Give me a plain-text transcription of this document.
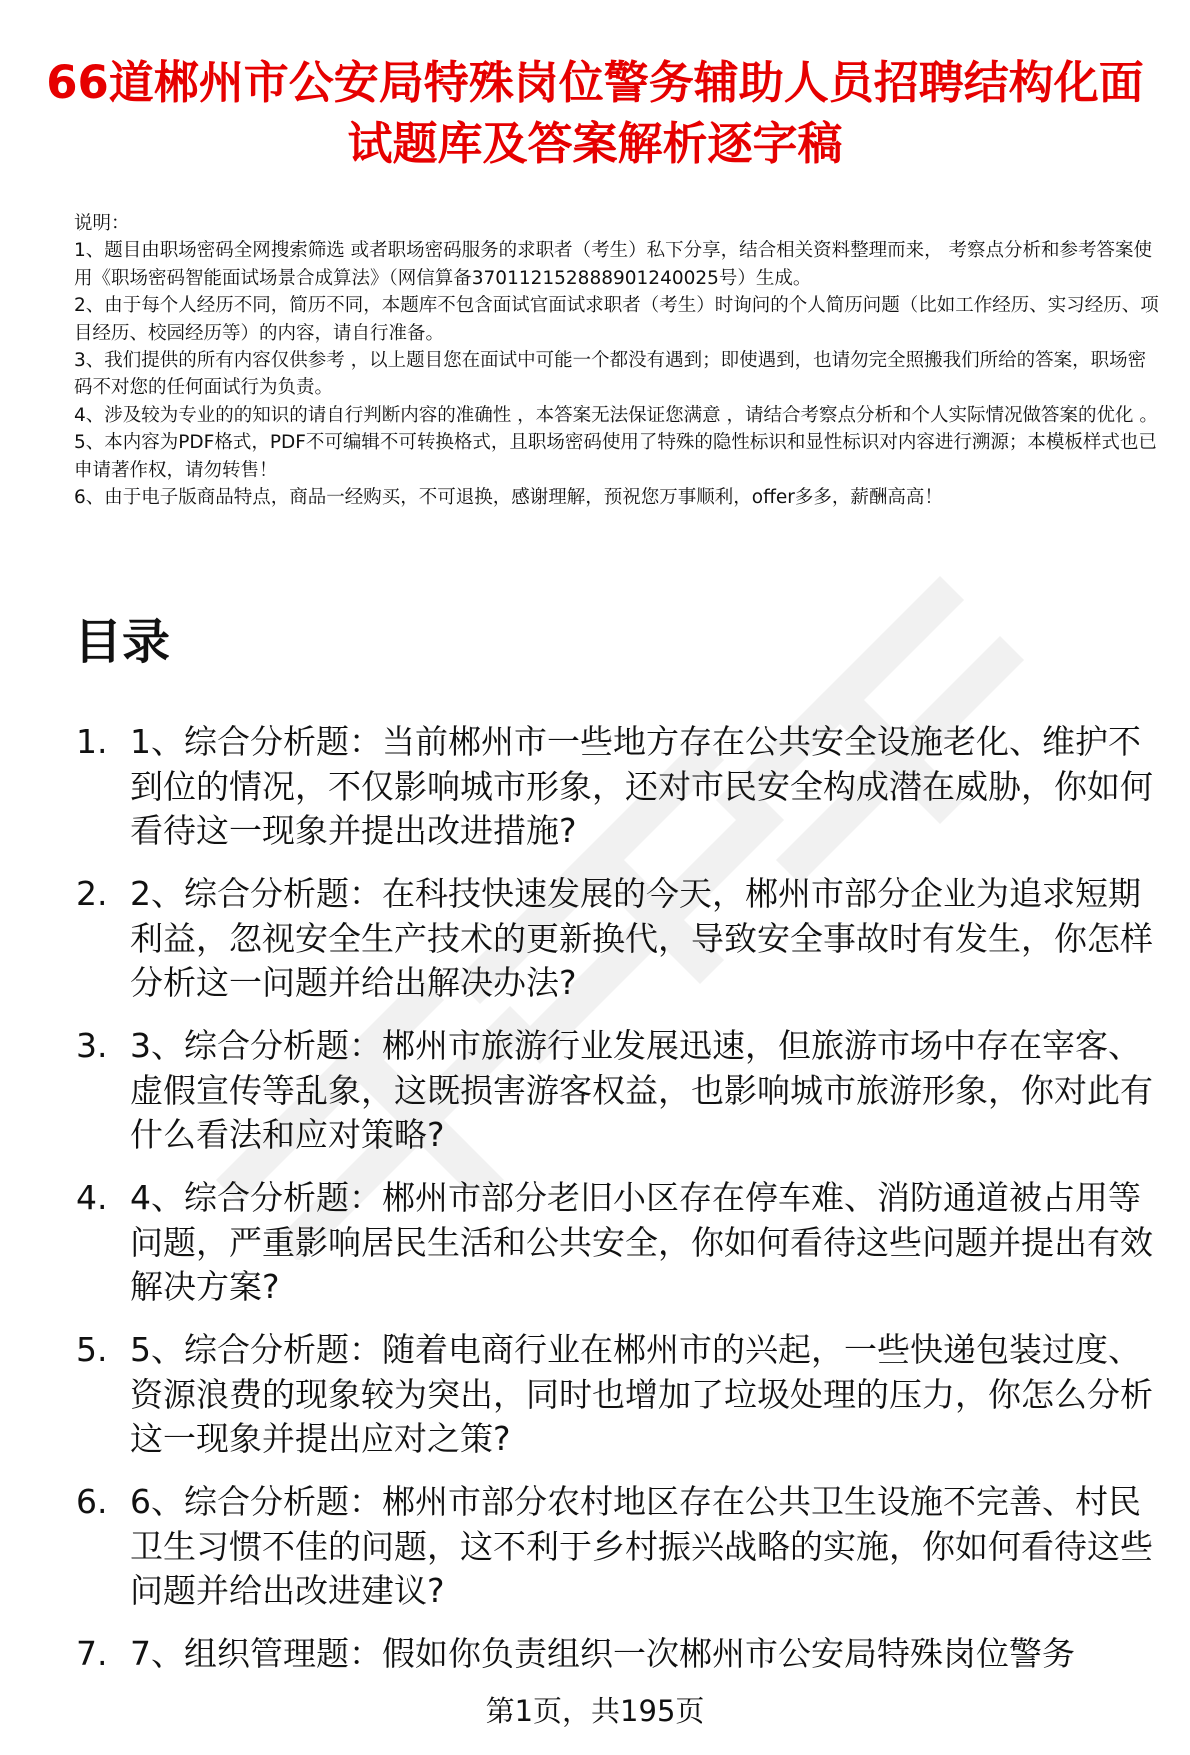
66道郴州市公安局特殊岗位警务辅助人员招聘结构化面试题库及答案解析逐字稿

说明：

1、题目由职场密码全网搜索筛选 或者职场密码服务的求职者（考生）私下分享，结合相关资料整理而来， 考察点分析和参考答案使用《职场密码智能面试场景合成算法》（网信算备370112152888901240025号）生成。

2、由于每个人经历不同，简历不同，本题库不包含面试官面试求职者（考生）时询问的个人简历问题（比如工作经历、实习经历、项目经历、校园经历等）的内容，请自行准备。

3、我们提供的所有内容仅供参考 ，以上题目您在面试中可能一个都没有遇到；即使遇到，也请勿完全照搬我们所给的答案，职场密码不对您的任何面试行为负责。

4、涉及较为专业的的知识的请自行判断内容的准确性 ，本答案无法保证您满意 ，请结合考察点分析和个人实际情况做答案的优化 。

5、本内容为PDF格式，PDF不可编辑不可转换格式，且职场密码使用了特殊的隐性标识和显性标识对内容进行溯源；本模板样式也已申请著作权，请勿转售！

6、由于电子版商品特点，商品一经购买，不可退换，感谢理解，预祝您万事顺利，offer多多，薪酬高高！

目录
1. 1、综合分析题：当前郴州市一些地方存在公共安全设施老化、维护不到位的情况，不仅影响城市形象，还对市民安全构成潜在威胁，你如何看待这一现象并提出改进措施?
2. 2、综合分析题：在科技快速发展的今天，郴州市部分企业为追求短期利益，忽视安全生产技术的更新换代，导致安全事故时有发生，你怎样分析这一问题并给出解决办法?
3. 3、综合分析题：郴州市旅游行业发展迅速，但旅游市场中存在宰客、虚假宣传等乱象，这既损害游客权益，也影响城市旅游形象，你对此有什么看法和应对策略?
4. 4、综合分析题：郴州市部分老旧小区存在停车难、消防通道被占用等问题，严重影响居民生活和公共安全，你如何看待这些问题并提出有效解决方案?
5. 5、综合分析题：随着电商行业在郴州市的兴起，一些快递包装过度、资源浪费的现象较为突出，同时也增加了垃圾处理的压力，你怎么分析这一现象并提出应对之策?
6. 6、综合分析题：郴州市部分农村地区存在公共卫生设施不完善、村民卫生习惯不佳的问题，这不利于乡村振兴战略的实施，你如何看待这些问题并给出改进建议?
7. 7、组织管理题：假如你负责组织一次郴州市公安局特殊岗位警务
第1页，共195页
